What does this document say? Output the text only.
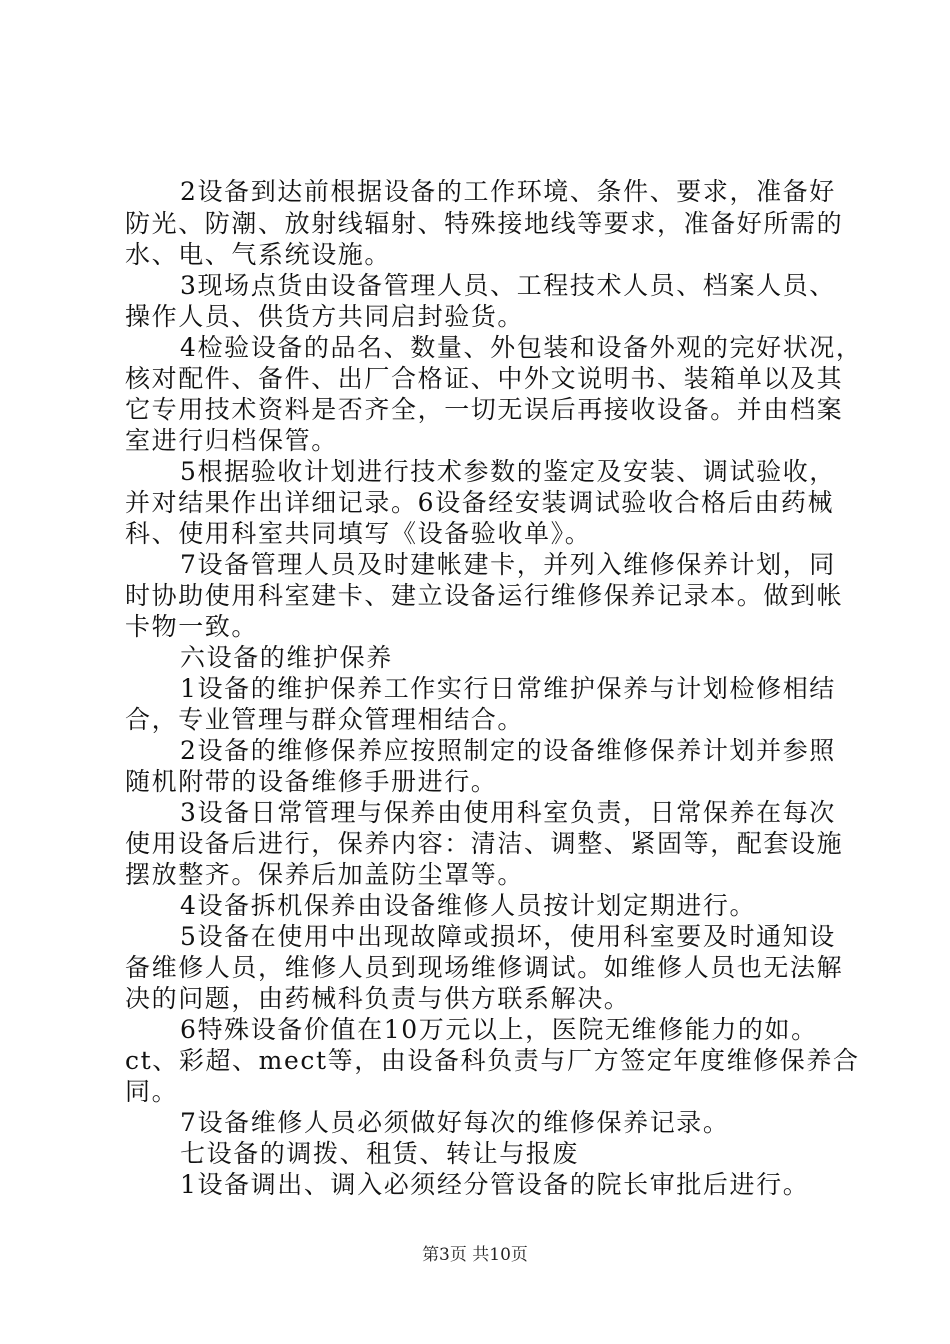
2设备到达前根据设备的工作环境、条件、要求，准备好
防光、防潮、放射线辐射、特殊接地线等要求，准备好所需的
水、电、气系统设施。
3现场点货由设备管理人员、工程技术人员、档案人员、
操作人员、供货方共同启封验货。
4检验设备的品名、数量、外包装和设备外观的完好状况，
核对配件、备件、出厂合格证、中外文说明书、装箱单以及其
它专用技术资料是否齐全，一切无误后再接收设备。并由档案
室进行归档保管。
5根据验收计划进行技术参数的鉴定及安装、调试验收，
并对结果作出详细记录。6设备经安装调试验收合格后由药械
科、使用科室共同填写《设备验收单》。
7设备管理人员及时建帐建卡，并列入维修保养计划，同
时协助使用科室建卡、建立设备运行维修保养记录本。做到帐
卡物一致。
六设备的维护保养
1设备的维护保养工作实行日常维护保养与计划检修相结
合，专业管理与群众管理相结合。
2设备的维修保养应按照制定的设备维修保养计划并参照
随机附带的设备维修手册进行。
3设备日常管理与保养由使用科室负责，日常保养在每次
使用设备后进行，保养内容：清洁、调整、紧固等，配套设施
摆放整齐。保养后加盖防尘罩等。
4设备拆机保养由设备维修人员按计划定期进行。
5设备在使用中出现故障或损坏，使用科室要及时通知设
备维修人员，维修人员到现场维修调试。如维修人员也无法解
决的问题，由药械科负责与供方联系解决。
6特殊设备价值在10万元以上，医院无维修能力的如。
ct、彩超、mect等，由设备科负责与厂方签定年度维修保养合
同。
7设备维修人员必须做好每次的维修保养记录。
七设备的调拨、租赁、转让与报废
1设备调出、调入必须经分管设备的院长审批后进行。
第3页 共10页
